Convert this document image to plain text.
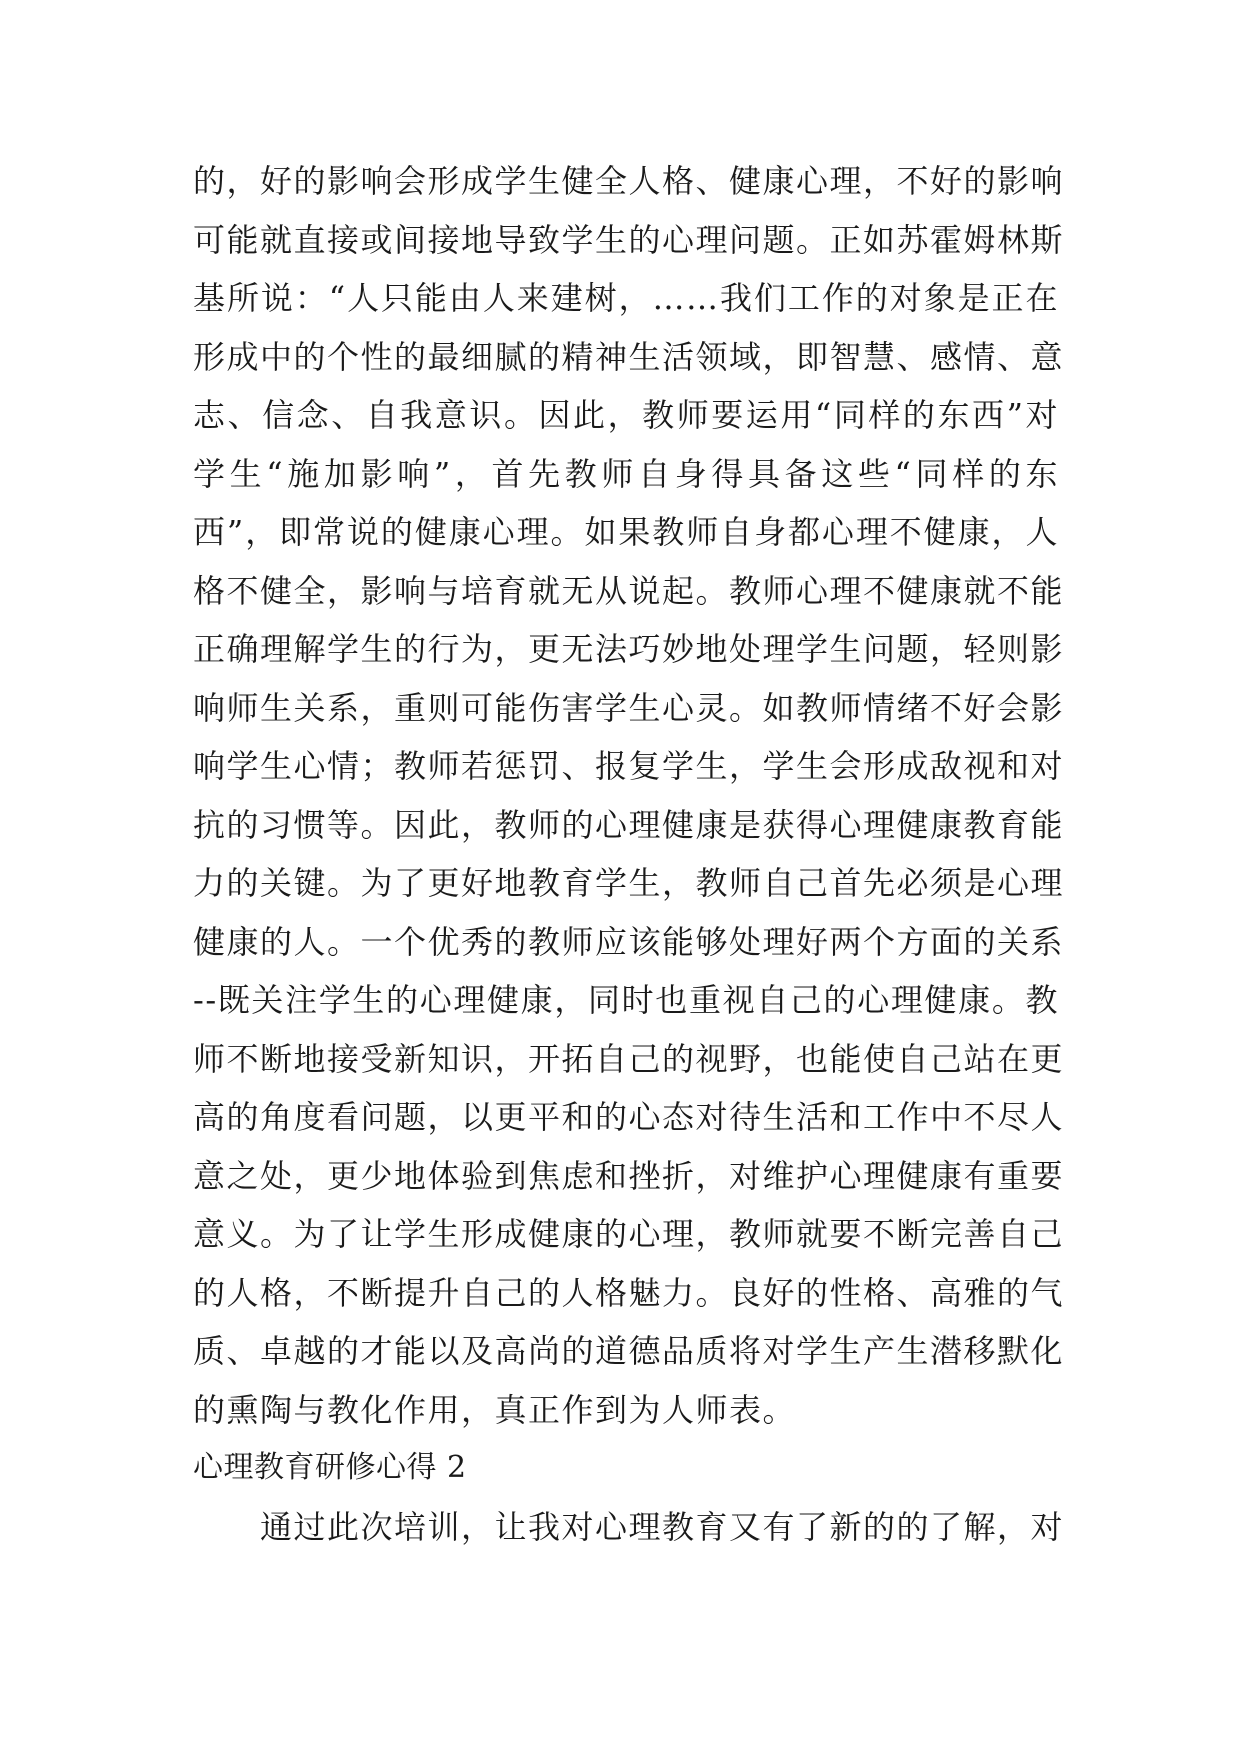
的，好的影响会形成学生健全人格、健康心理，不好的影响
可能就直接或间接地导致学生的心理问题。正如苏霍姆林斯
基所说：“人只能由人来建树，……我们工作的对象是正在
形成中的个性的最细腻的精神生活领域，即智慧、感情、意
志、信念、自我意识。因此，教师要运用“同样的东西”对
学生“施加影响”，首先教师自身得具备这些“同样的东
西”，即常说的健康心理。如果教师自身都心理不健康，人
格不健全，影响与培育就无从说起。教师心理不健康就不能
正确理解学生的行为，更无法巧妙地处理学生问题，轻则影
响师生关系，重则可能伤害学生心灵。如教师情绪不好会影
响学生心情；教师若惩罚、报复学生，学生会形成敌视和对
抗的习惯等。因此，教师的心理健康是获得心理健康教育能
力的关键。为了更好地教育学生，教师自己首先必须是心理
健康的人。一个优秀的教师应该能够处理好两个方面的关系
--既关注学生的心理健康，同时也重视自己的心理健康。教
师不断地接受新知识，开拓自己的视野，也能使自己站在更
高的角度看问题，以更平和的心态对待生活和工作中不尽人
意之处，更少地体验到焦虑和挫折，对维护心理健康有重要
意义。为了让学生形成健康的心理，教师就要不断完善自己
的人格，不断提升自己的人格魅力。良好的性格、高雅的气
质、卓越的才能以及高尚的道德品质将对学生产生潜移默化
的熏陶与教化作用，真正作到为人师表。
心理教育研修心得 2
　　通过此次培训，让我对心理教育又有了新的的了解，对
